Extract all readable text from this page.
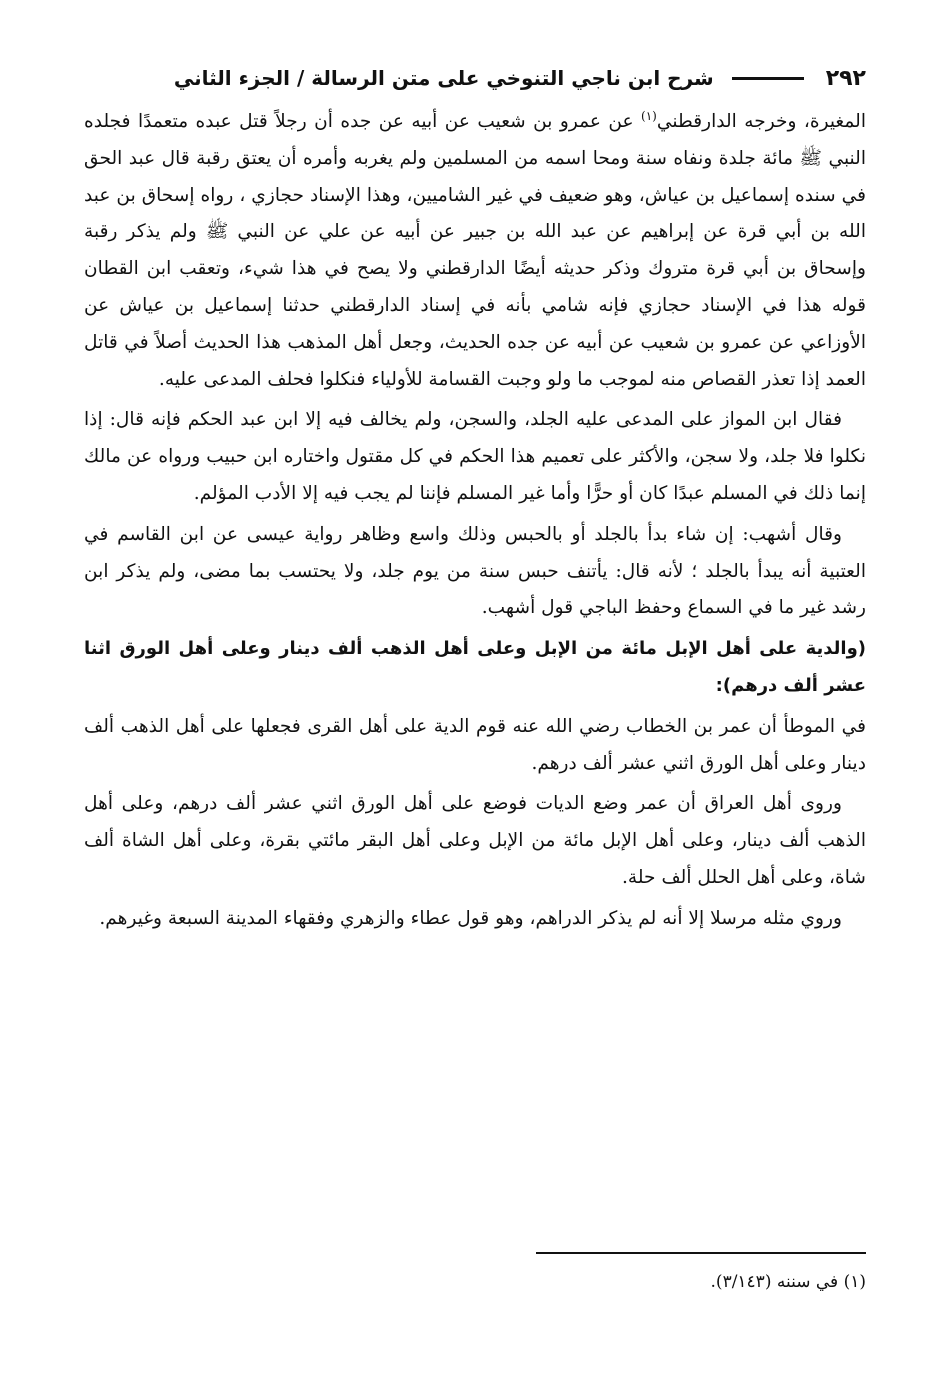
٢٩٢
شرح ابن ناجي التنوخي على متن الرسالة / الجزء الثاني

المغيرة، وخرجه الدارقطني$^{(١)}$ عن عمرو بن شعيب عن أبيه عن جده أن رجلاً قتل عبده متعمدًا فجلده النبي ﷺ مائة جلدة ونفاه سنة ومحا اسمه من المسلمين ولم يغربه وأمره أن يعتق رقبة قال عبد الحق في سنده إسماعيل بن عياش، وهو ضعيف في غير الشاميين، وهذا الإسناد حجازي ، رواه إسحاق بن عبد الله بن أبي قرة عن إبراهيم عن عبد الله بن جبير عن أبيه عن علي عن النبي ﷺ ولم يذكر رقبة وإسحاق بن أبي قرة متروك وذكر حديثه أيضًا الدارقطني ولا يصح في هذا شيء، وتعقب ابن القطان قوله هذا في الإسناد حجازي فإنه شامي بأنه في إسناد الدارقطني حدثنا إسماعيل بن عياش عن الأوزاعي عن عمرو بن شعيب عن أبيه عن جده الحديث، وجعل أهل المذهب هذا الحديث أصلاً في قاتل العمد إذا تعذر القصاص منه لموجب ما ولو وجبت القسامة للأولياء فنكلوا فحلف المدعى عليه.

فقال ابن المواز على المدعى عليه الجلد، والسجن، ولم يخالف فيه إلا ابن عبد الحكم فإنه قال: إذا نكلوا فلا جلد، ولا سجن، والأكثر على تعميم هذا الحكم في كل مقتول واختاره ابن حبيب ورواه عن مالك إنما ذلك في المسلم عبدًا كان أو حرًّا وأما غير المسلم فإننا لم يجب فيه إلا الأدب المؤلم.

وقال أشهب: إن شاء بدأ بالجلد أو بالحبس وذلك واسع وظاهر رواية عيسى عن ابن القاسم في العتبية أنه يبدأ بالجلد ؛ لأنه قال: يأتنف حبس سنة من يوم جلد، ولا يحتسب بما مضى، ولم يذكر ابن رشد غير ما في السماع وحفظ الباجي قول أشهب.

(والدية على أهل الإبل مائة من الإبل وعلى أهل الذهب ألف دينار وعلى أهل الورق اثنا عشر ألف درهم):

في الموطأ أن عمر بن الخطاب رضي الله عنه قوم الدية على أهل القرى فجعلها على أهل الذهب ألف دينار وعلى أهل الورق اثني عشر ألف درهم.

وروى أهل العراق أن عمر وضع الديات فوضع على أهل الورق اثني عشر ألف درهم، وعلى أهل الذهب ألف دينار، وعلى أهل الإبل مائة من الإبل وعلى أهل البقر مائتي بقرة، وعلى أهل الشاة ألف شاة، وعلى أهل الحلل ألف حلة.

وروي مثله مرسلا إلا أنه لم يذكر الدراهم، وهو قول عطاء والزهري وفقهاء المدينة السبعة وغيرهم.

(١) في سننه (٣/١٤٣).
